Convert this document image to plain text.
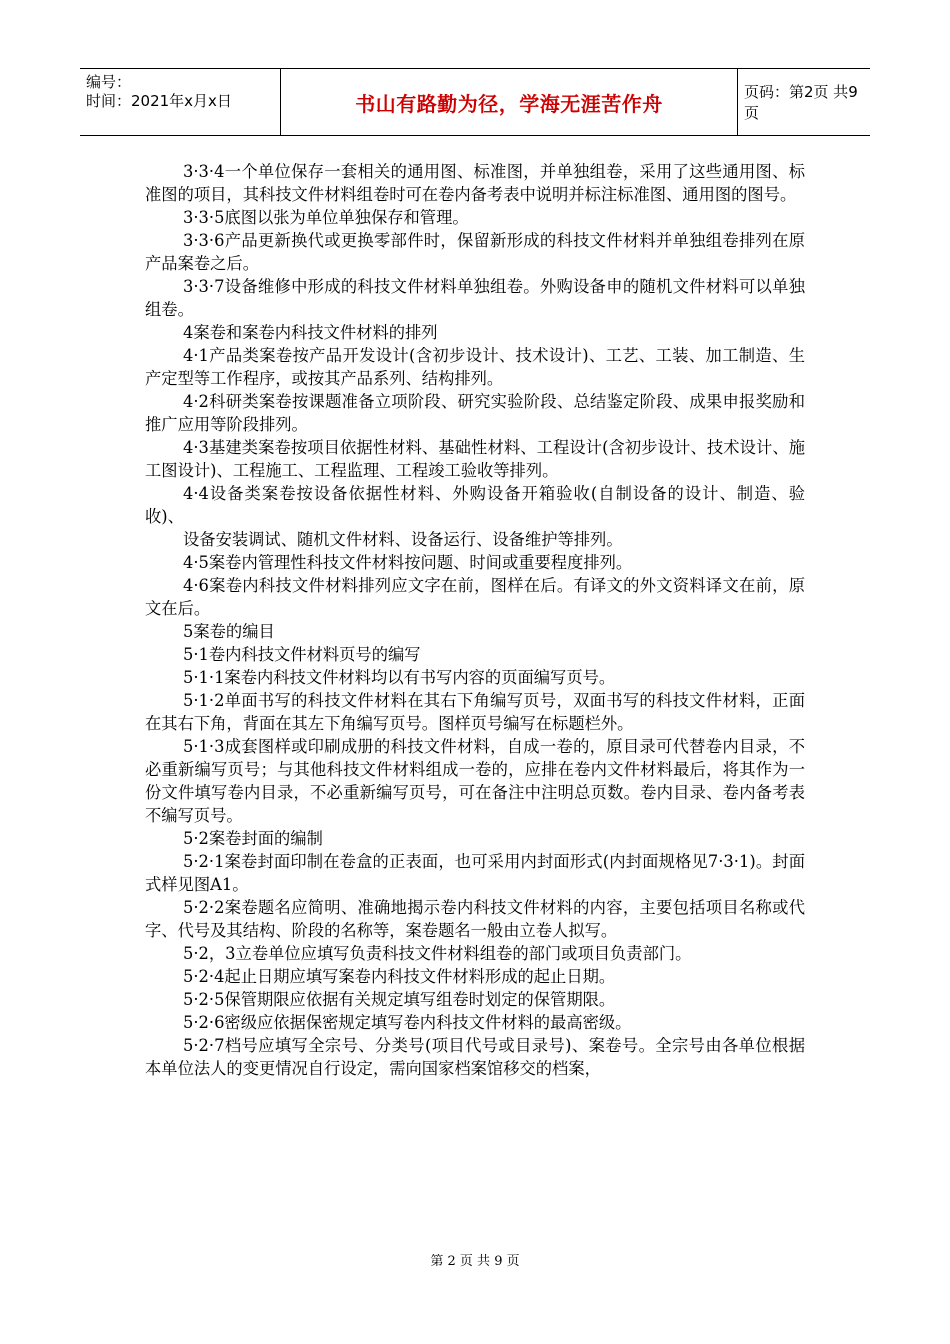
编号：
时间：2021年x月x日	书山有路勤为径，学海无涯苦作舟	页码：第2页 共9页

3·3·4一个单位保存一套相关的通用图、标准图，并单独组卷，采用了这些通用图、标准图的项目，其科技文件材料组卷时可在卷内备考表中说明并标注标准图、通用图的图号。

3·3·5底图以张为单位单独保存和管理。

3·3·6产品更新换代或更换零部件时，保留新形成的科技文件材料并单独组卷排列在原产品案卷之后。

3·3·7设备维修中形成的科技文件材料单独组卷。外购设备申的随机文件材料可以单独组卷。

4案卷和案卷内科技文件材料的排列

4·1产品类案卷按产品开发设计(含初步设计、技术设计)、工艺、工装、加工制造、生产定型等工作程序，或按其产品系列、结构排列。

4·2科研类案卷按课题准备立项阶段、研究实验阶段、总结鉴定阶段、成果申报奖励和推广应用等阶段排列。

4·3基建类案卷按项目依据性材料、基础性材料、工程设计(含初步设计、技术设计、施工图设计)、工程施工、工程监理、工程竣工验收等排列。

4·4设备类案卷按设备依据性材料、外购设备开箱验收(自制设备的设计、制造、验收)、

设备安装调试、随机文件材料、设备运行、设备维护等排列。

4·5案卷内管理性科技文件材料按问题、时间或重要程度排列。

4·6案卷内科技文件材料排列应文字在前，图样在后。有译文的外文资料译文在前，原文在后。

5案卷的编目

5·1卷内科技文件材料页号的编写

5·1·1案卷内科技文件材料均以有书写内容的页面编写页号。

5·1·2单面书写的科技文件材料在其右下角编写页号，双面书写的科技文件材料，正面在其右下角，背面在其左下角编写页号。图样页号编写在标题栏外。

5·1·3成套图样或印刷成册的科技文件材料，自成一卷的，原目录可代替卷内目录，不必重新编写页号；与其他科技文件材料组成一卷的，应排在卷内文件材料最后，将其作为一份文件填写卷内目录，不必重新编写页号，可在备注中注明总页数。卷内目录、卷内备考表不编写页号。

5·2案卷封面的编制

5·2·1案卷封面印制在卷盒的正表面，也可采用内封面形式(内封面规格见7·3·1)。封面式样见图A1。

5·2·2案卷题名应简明、准确地揭示卷内科技文件材料的内容，主要包括项目名称或代字、代号及其结构、阶段的名称等，案卷题名一般由立卷人拟写。

5·2，3立卷单位应填写负责科技文件材料组卷的部门或项目负责部门。

5·2·4起止日期应填写案卷内科技文件材料形成的起止日期。

5·2·5保管期限应依据有关规定填写组卷时划定的保管期限。

5·2·6密级应依据保密规定填写卷内科技文件材料的最高密级。

5·2·7档号应填写全宗号、分类号(项目代号或目录号)、案卷号。全宗号由各单位根据本单位法人的变更情况自行设定，需向国家档案馆移交的档案，

第 2 页 共 9 页
